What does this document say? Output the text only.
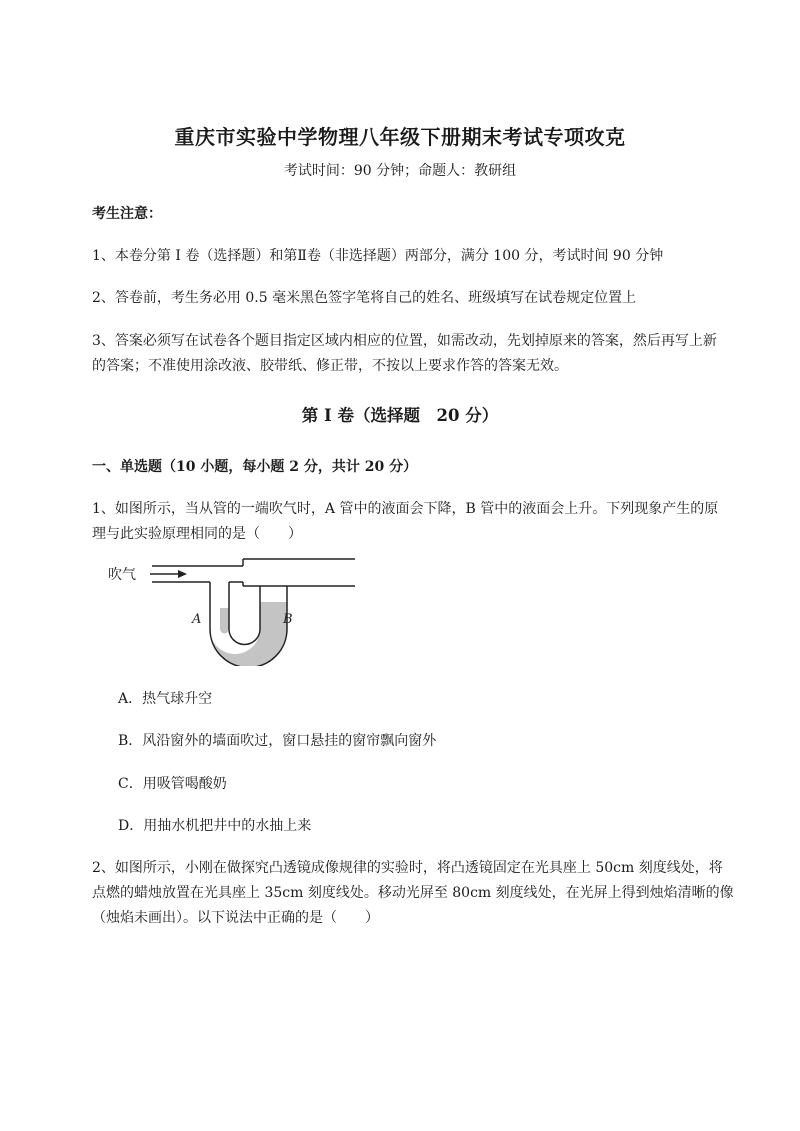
重庆市实验中学物理八年级下册期末考试专项攻克
考试时间：90 分钟；命题人：教研组
考生注意：
1、本卷分第 I 卷（选择题）和第Ⅱ卷（非选择题）两部分，满分 100 分，考试时间 90 分钟
2、答卷前，考生务必用 0.5 毫米黑色签字笔将自己的姓名、班级填写在试卷规定位置上
3、答案必须写在试卷各个题目指定区域内相应的位置，如需改动，先划掉原来的答案，然后再写上新
的答案；不准使用涂改液、胶带纸、修正带，不按以上要求作答的答案无效。
第 I 卷（选择题　20 分）
一、单选题（10 小题，每小题 2 分，共计 20 分）
1、如图所示，当从管的一端吹气时，A 管中的液面会下降，B 管中的液面会上升。下列现象产生的原
理与此实验原理相同的是（　　）
吹气
A	B
A．热气球升空
B．风沿窗外的墙面吹过，窗口悬挂的窗帘飘向窗外
C．用吸管喝酸奶
D．用抽水机把井中的水抽上来
2、如图所示，小刚在做探究凸透镜成像规律的实验时，将凸透镜固定在光具座上 50cm 刻度线处，将
点燃的蜡烛放置在光具座上 35cm 刻度线处。移动光屏至 80cm 刻度线处，在光屏上得到烛焰清晰的像
（烛焰未画出）。以下说法中正确的是（　　）
